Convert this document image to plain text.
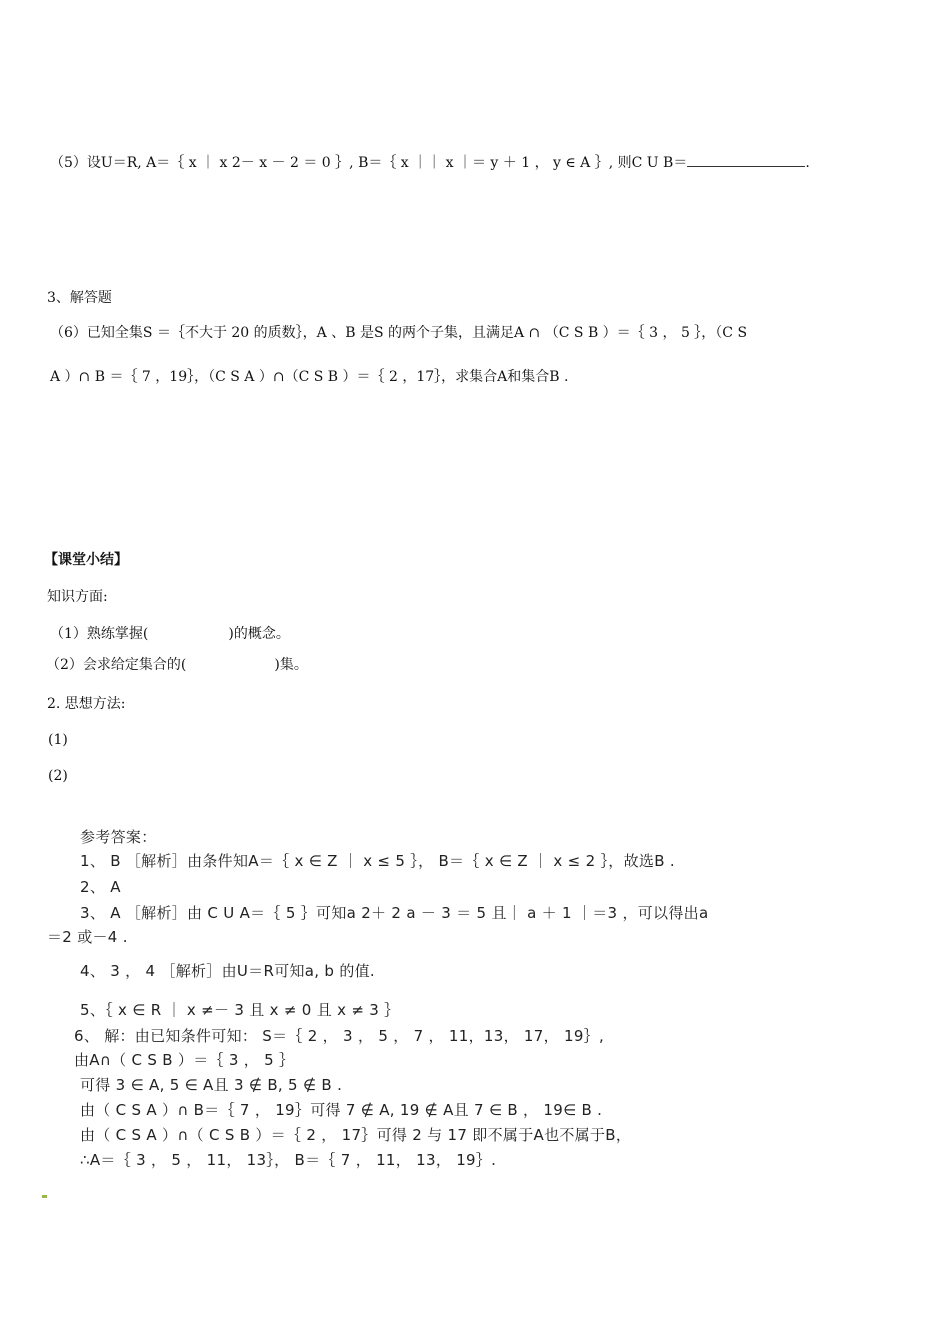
（5）设U＝R, A＝｛ x ｜ x 2－ x － 2 ＝ 0 ｝, B＝｛ x ｜｜ x ｜＝ y ＋ 1 ， y ∈ A ｝, 则C U B＝	.
3、解答题
（6）已知全集S ＝｛不大于 20 的质数｝，A 、B 是S 的两个子集，且满足A ∩ （C S B ）＝｛ 3 ， 5 ｝，（C S
A ）∩ B ＝｛ 7 ，19｝，（C S A ）∩（C S B ）＝｛ 2 ，17｝，求集合A和集合B .
【课堂小结】
知识方面:
（1）熟练掌握(	)的概念。
（2）会求给定集合的(	)集。
2. 思想方法:
(1)
(2)
参考答案：
1、 B ［解析］由条件知A＝｛ x ∈ Z ｜ x ≤ 5 ｝， B＝｛ x ∈ Z ｜ x ≤ 2 ｝，故选B .
2、 A
3、 A ［解析］由 C U A＝｛ 5 ｝可知a 2＋ 2 a － 3 ＝ 5 且｜ a ＋ 1 ｜＝3 ，可以得出a
＝2 或－4 .
4、 3 ， 4 ［解析］由U＝R可知a, b 的值.
5、｛ x ∈ R ｜ x ≠－ 3 且 x ≠ 0 且 x ≠ 3 ｝
6、 解：由已知条件可知： S＝｛ 2 ， 3 ， 5 ， 7 ， 11，13， 17， 19｝,
由A∩（ C S B ）＝｛ 3 ， 5 ｝
可得 3 ∈ A, 5 ∈ A且 3 ∉ B, 5 ∉ B .
由（ C S A ）∩ B＝｛ 7 ， 19｝可得 7 ∉ A, 19 ∉ A且 7 ∈ B ， 19∈ B .
由（ C S A ）∩（ C S B ）＝｛ 2 ， 17｝可得 2 与 17 即不属于A也不属于B，
∴A＝｛ 3 ， 5 ， 11， 13｝， B＝｛ 7 ， 11， 13， 19｝.
